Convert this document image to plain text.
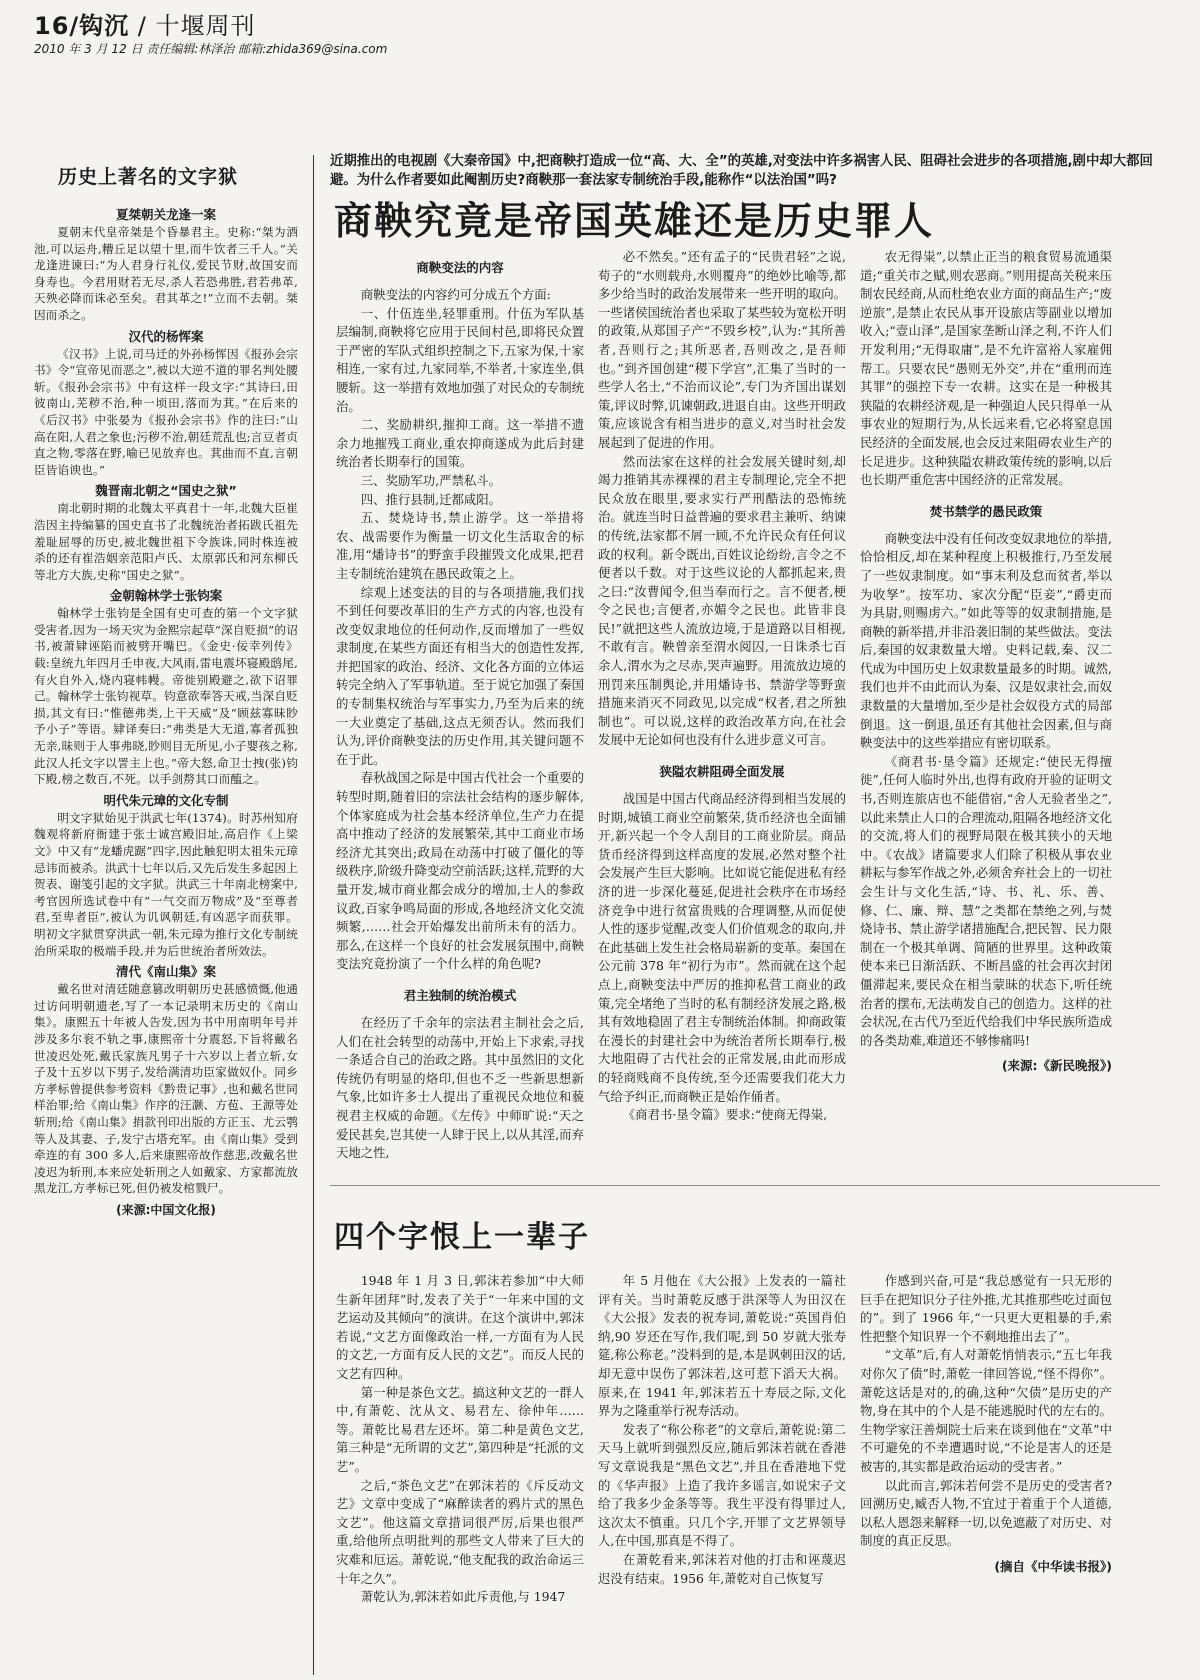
16/钩沉 / 十堰周刊
2010 年 3 月 12 日 责任编辑:林泽治 邮箱:zhida369@sina.com
历史上著名的文字狱
夏桀朝关龙逢一案

夏朝末代皇帝桀是个昏暴君主。史称:“桀为酒池,可以运舟,糟丘足以望十里,而牛饮者三千人。”关龙逢进谏曰:“为人君身行礼仪,爱民节财,故国安而身寿也。今君用财若无尽,杀人若恐弗胜,君若弗革,天殃必降而诛必至矣。君其革之!”立而不去朝。桀因而杀之。

汉代的杨恽案

《汉书》上说,司马迁的外孙杨恽因《报孙会宗书》令“宣帝见而恶之”,被以大逆不道的罪名判处腰斩。《报孙会宗书》中有这样一段文字:“其诗曰,田彼南山,芜秽不治,种一顷田,落而为萁。”在后来的《后汉书》中张晏为《报孙会宗书》作的注曰:“山高在阳,人君之象也;污秽不治,朝廷荒乱也;言豆者贞直之物,零落在野,喻已见放弃也。萁曲而不直,言朝臣皆谄谀也。”

魏晋南北朝之“国史之狱”

南北朝时期的北魏太平真君十一年,北魏大臣崔浩因主持编纂的国史直书了北魏统治者拓跋氏祖先羞耻屈辱的历史,被北魏世祖下令族诛,同时株连被杀的还有崔浩姻亲范阳卢氏、太原郭氏和河东柳氏等北方大族,史称“国史之狱”。

金朝翰林学士张钧案

翰林学士张钧是全国有史可查的第一个文字狱受害者,因为一场天灾为金熙宗起草“深自贬损”的诏书,被萧肄诬陷而被劈开嘴巴。《金史·佞幸列传》载:皇统九年四月壬申夜,大风雨,雷电震坏寝殿鸱尾,有火自外入,烧内寝帏幔。帝徙别殿避之,欲下诏罪己。翰林学士张钧视草。钧意欲奉答天戒,当深自贬损,其文有曰:“惟德弗类,上干天威”及“顾兹寡昧眇予小子”等语。肄译奏曰:“弗类是大无道,寡者孤独无亲,昧则于人事弗晓,眇则目无所见,小子婴孩之称,此汉人托文字以詈主上也。”帝大怒,命卫士拽(张)钧下殿,榜之数百,不死。以手剑剺其口而醢之。

明代朱元璋的文化专制

明文字狱始见于洪武七年(1374)。时苏州知府魏观将新府衙建于张士诚宫殿旧址,高启作《上梁文》中又有“龙蟠虎踞”四字,因此触犯明太祖朱元璋忌讳而被杀。洪武十七年以后,又先后发生多起因上贺表、谢笺引起的文字狱。洪武三十年南北榜案中,考官因所选试卷中有“一气交而万物成”及“至尊者君,至卑者臣”,被认为讥讽朝廷,有凶恶字而获罪。明初文字狱贯穿洪武一朝,朱元璋为推行文化专制统治所采取的极端手段,并为后世统治者所效法。

清代《南山集》案

戴名世对清廷随意篡改明朝历史甚感愤慨,他通过访问明朝遗老,写了一本记录明末历史的《南山集》。康熙五十年被人告发,因为书中用南明年号并涉及多尔衮不轨之事,康熙帝十分震怒,下旨将戴名世凌迟处死,戴氏家族凡男子十六岁以上者立斩,女子及十五岁以下男子,发给满清功臣家做奴仆。同乡方孝标曾提供参考资料《黔贵记事》,也和戴名世同样治罪;给《南山集》作序的汪灏、方苞、王源等处斩刑;给《南山集》捐款刊印出版的方正玉、尤云鹗等人及其妻、子,发宁古塔充军。由《南山集》受到牵连的有 300 多人,后来康熙帝故作慈悲,改戴名世凌迟为斩刑,本来应处斩刑之人如戴家、方家都流放黑龙江,方孝标已死,但仍被发棺戮尸。

(来源:中国文化报)
近期推出的电视剧《大秦帝国》中,把商鞅打造成一位“高、大、全”的英雄,对变法中许多祸害人民、阻碍社会进步的各项措施,剧中却大都回避。为什么作者要如此阉割历史?商鞅那一套法家专制统治手段,能称作“以法治国”吗?
商鞅究竟是帝国英雄还是历史罪人
商鞅变法的内容

商鞅变法的内容约可分成五个方面:

一、什伍连坐,轻罪重刑。什伍为军队基层编制,商鞅将它应用于民间村邑,即将民众置于严密的军队式组织控制之下,五家为保,十家相连,一家有过,九家同举,不举者,十家连坐,俱腰斩。这一举措有效地加强了对民众的专制统治。

二、奖励耕织,摧抑工商。这一举措不遗余力地摧残工商业,重农抑商遂成为此后封建统治者长期奉行的国策。

三、奖励军功,严禁私斗。

四、推行县制,迁都咸阳。

五、焚烧诗书,禁止游学。这一举措将农、战需要作为衡量一切文化生活取舍的标准,用“燔诗书”的野蛮手段摧毁文化成果,把君主专制统治建筑在愚民政策之上。

综观上述变法的目的与各项措施,我们找不到任何要改革旧的生产方式的内容,也没有改变奴隶地位的任何动作,反而增加了一些奴隶制度,在某些方面还有相当大的创造性发挥,并把国家的政治、经济、文化各方面的立体运转完全纳入了军事轨道。至于说它加强了秦国的专制集权统治与军事实力,乃至为后来的统一大业奠定了基础,这点无须否认。然而我们认为,评价商鞅变法的历史作用,其关键问题不在于此。

春秋战国之际是中国古代社会一个重要的转型时期,随着旧的宗法社会结构的逐步解体,个体家庭成为社会基本经济单位,生产力在提高中推动了经济的发展繁荣,其中工商业市场经济尤其突出;政局在动荡中打破了僵化的等级秩序,阶级升降变动空前活跃;这样,荒野的大量开发,城市商业都会成分的增加,士人的参政议政,百家争鸣局面的形成,各地经济文化交流频繁,……社会开始爆发出前所未有的活力。那么,在这样一个良好的社会发展氛围中,商鞅变法究竟扮演了一个什么样的角色呢?

君主独制的统治模式

在经历了千余年的宗法君主制社会之后,人们在社会转型的动荡中,开始上下求索,寻找一条适合自己的治政之路。其中虽然旧的文化传统仍有明显的烙印,但也不乏一些新思想新气象,比如许多士人提出了重视民众地位和藐视君主权威的命题。《左传》中师旷说:“天之爱民甚矣,岂其使一人肆于民上,以从其淫,而弃天地之性,

必不然矣。”还有孟子的“民贵君轻”之说,荀子的“水则载舟,水则覆舟”的绝妙比喻等,都多少给当时的政治发展带来一些开明的取向。一些诸侯国统治者也采取了某些较为宽松开明的政策,从郑国子产“不毁乡校”,认为:“其所善者,吾则行之;其所恶者,吾则改之,是吾师也。”到齐国创建“稷下学宫”,汇集了当时的一些学人名士,“不治而议论”,专门为齐国出谋划策,评议时弊,讥谏朝政,进退自由。这些开明政策,应该说含有相当进步的意义,对当时社会发展起到了促进的作用。

然而法家在这样的社会发展关键时刻,却竭力推销其赤裸裸的君主专制理论,完全不把民众放在眼里,要求实行严刑酷法的恐怖统治。就连当时日益普遍的要求君主兼听、纳谏的传统,法家都不屑一顾,不允许民众有任何议政的权利。新令既出,百姓议论纷纷,言令之不便者以千数。对于这些议论的人都抓起来,贵之曰:“汝曹闻令,但当奉而行之。言不便者,梗令之民也;言便者,亦媚令之民也。此皆非良民!”就把这些人流放边境,于是道路以目相视,不敢有言。鞅曾亲至渭水阅囚,一日诛杀七百余人,渭水为之尽赤,哭声遍野。用流放边境的刑罚来压制舆论,并用燔诗书、禁游学等野蛮措施来消灭不同政见,以完成“权者,君之所独制也”。可以说,这样的政治改革方向,在社会发展中无论如何也没有什么进步意义可言。

狭隘农耕阻碍全面发展

战国是中国古代商品经济得到相当发展的时期,城镇工商业空前繁荣,货币经济也全面铺开,新兴起一个令人刮目的工商业阶层。商品货币经济得到这样高度的发展,必然对整个社会发展产生巨大影响。比如说它能促进私有经济的进一步深化蔓延,促进社会秩序在市场经济竞争中进行贫富贵贱的合理调整,从而促使人性的逐步觉醒,改变人们价值观念的取向,并在此基础上发生社会格局崭新的变革。秦国在公元前 378 年“初行为市”。然而就在这个起点上,商鞅变法中严厉的推抑私营工商业的政策,完全堵绝了当时的私有制经济发展之路,极其有效地稳固了君主专制统治体制。抑商政策在漫长的封建社会中为统治者所长期奉行,极大地阻碍了古代社会的正常发展,由此而形成的轻商贱商不良传统,至今还需要我们花大力气给予纠正,而商鞅正是始作俑者。

《商君书·垦令篇》要求:“使商无得粜,

农无得粜”,以禁止正当的粮食贸易流通渠道;“重关市之赋,则农恶商。”则用提高关税来压制农民经商,从而杜绝农业方面的商品生产;“废逆旅”,是禁止农民从事开设旅店等副业以增加收入;“壹山泽”,是国家垄断山泽之利,不许人们开发利用;“无得取庸”,是不允许富裕人家雇佣帮工。只要农民“愚则无外交”,并在“重刑而连其罪”的强控下专一农耕。这实在是一种极其狭隘的农耕经济观,是一种强迫人民只得单一从事农业的短期行为,从长远来看,它必将窒息国民经济的全面发展,也会反过来阻碍农业生产的长足进步。这种狭隘农耕政策传统的影响,以后也长期严重危害中国经济的正常发展。

焚书禁学的愚民政策

商鞅变法中没有任何改变奴隶地位的举措,恰恰相反,却在某种程度上积极推行,乃至发展了一些奴隶制度。如“事末利及怠而贫者,举以为收孥”。按军功、家次分配“臣妾”,“爵吏而为具尉,则赐虏六。”如此等等的奴隶制措施,是商鞅的新举措,并非沿袭旧制的某些做法。变法后,秦国的奴隶数量大增。史料记载,秦、汉二代成为中国历史上奴隶数量最多的时期。诚然,我们也并不由此而认为秦、汉是奴隶社会,而奴隶数量的大量增加,至少是社会奴役方式的局部倒退。这一倒退,虽还有其他社会因素,但与商鞅变法中的这些举措应有密切联系。

《商君书·垦令篇》还规定:“使民无得擅徙”,任何人临时外出,也得有政府开验的证明文书,否则连旅店也不能借宿,“舍人无验者坐之”,以此来禁止人口的合理流动,阻隔各地经济文化的交流,将人们的视野局限在极其狭小的天地中。《农战》诸篇要求人们除了积极从事农业耕耘与参军作战之外,必须舍弃社会上的一切社会生计与文化生活,“诗、书、礼、乐、善、修、仁、廉、辩、慧”之类都在禁绝之列,与焚烧诗书、禁止游学诸措施配合,把民智、民力限制在一个极其单调、简陋的世界里。这种政策使本来已日渐活跃、不断昌盛的社会再次封闭僵滞起来,要民众在相当蒙昧的状态下,听任统治者的摆布,无法萌发自己的创造力。这样的社会状况,在古代乃至近代给我们中华民族所造成的各类劫难,难道还不够惨痛吗!

(来源:《新民晚报》)
四个字恨上一辈子

1948 年 1 月 3 日,郭沫若参加“中大师生新年团拜”时,发表了关于“一年来中国的文艺运动及其倾向”的演讲。在这个演讲中,郭沫若说,“文艺方面像政治一样,一方面有为人民的文艺,一方面有反人民的文艺”。而反人民的文艺有四种。

第一种是茶色文艺。搞这种文艺的一群人中,有萧乾、沈从文、易君左、徐仲年……等。萧乾比易君左还坏。第二种是黄色文艺,第三种是“无所谓的文艺”,第四种是“托派的文艺”。

之后,“茶色文艺”在郭沫若的《斥反动文艺》文章中变成了“麻醉读者的鸦片式的黑色文艺”。他这篇文章措词很严厉,后果也很严重,给他所点明批判的那些文人带来了巨大的灾难和厄运。萧乾说,“他支配我的政治命运三十年之久”。

萧乾认为,郭沫若如此斥责他,与 1947

年 5 月他在《大公报》上发表的一篇社评有关。当时萧乾反感于洪深等人为田汉在《大公报》发表的祝寿词,萧乾说:“英国肖伯纳,90 岁还在写作,我们呢,到 50 岁就大张寿筵,称公称老。”没料到的是,本是讽刺田汉的话,却无意中误伤了郭沫若,这可惹下滔天大祸。原来,在 1941 年,郭沫若五十寿辰之际,文化界为之隆重举行祝寿活动。

发表了“称公称老”的文章后,萧乾说:第二天马上就听到强烈反应,随后郭沫若就在香港写文章说我是“黑色文艺”,并且在香港地下党的《华声报》上造了我许多谣言,如说宋子文给了我多少金条等等。我生平没有得罪过人,这次太不慎重。只几个字,开罪了文艺界领导人,在中国,那真是不得了。

在萧乾看来,郭沫若对他的打击和诬蔑迟迟没有结束。1956 年,萧乾对自己恢复写

作感到兴奋,可是“我总感觉有一只无形的巨手在把知识分子往外推,尤其推那些吃过面包的”。到了 1966 年,“一只更大更粗暴的手,索性把整个知识界一个不剩地推出去了”。

“文革”后,有人对萧乾悄悄表示,“五七年我对你欠了债”时,萧乾一律回答说,“怪不得你”。萧乾这话是对的,的确,这种“欠债”是历史的产物,身在其中的个人是不能逃脱时代的左右的。生物学家汪善炯院士后来在谈到他在“文革”中不可避免的不幸遭遇时说,“不论是害人的还是被害的,其实都是政治运动的受害者。”

以此而言,郭沫若何尝不是历史的受害者?回溯历史,臧否人物,不宜过于着重于个人道德,以私人恩怨来解释一切,以免遮蔽了对历史、对制度的真正反思。

(摘自《中华读书报》)
